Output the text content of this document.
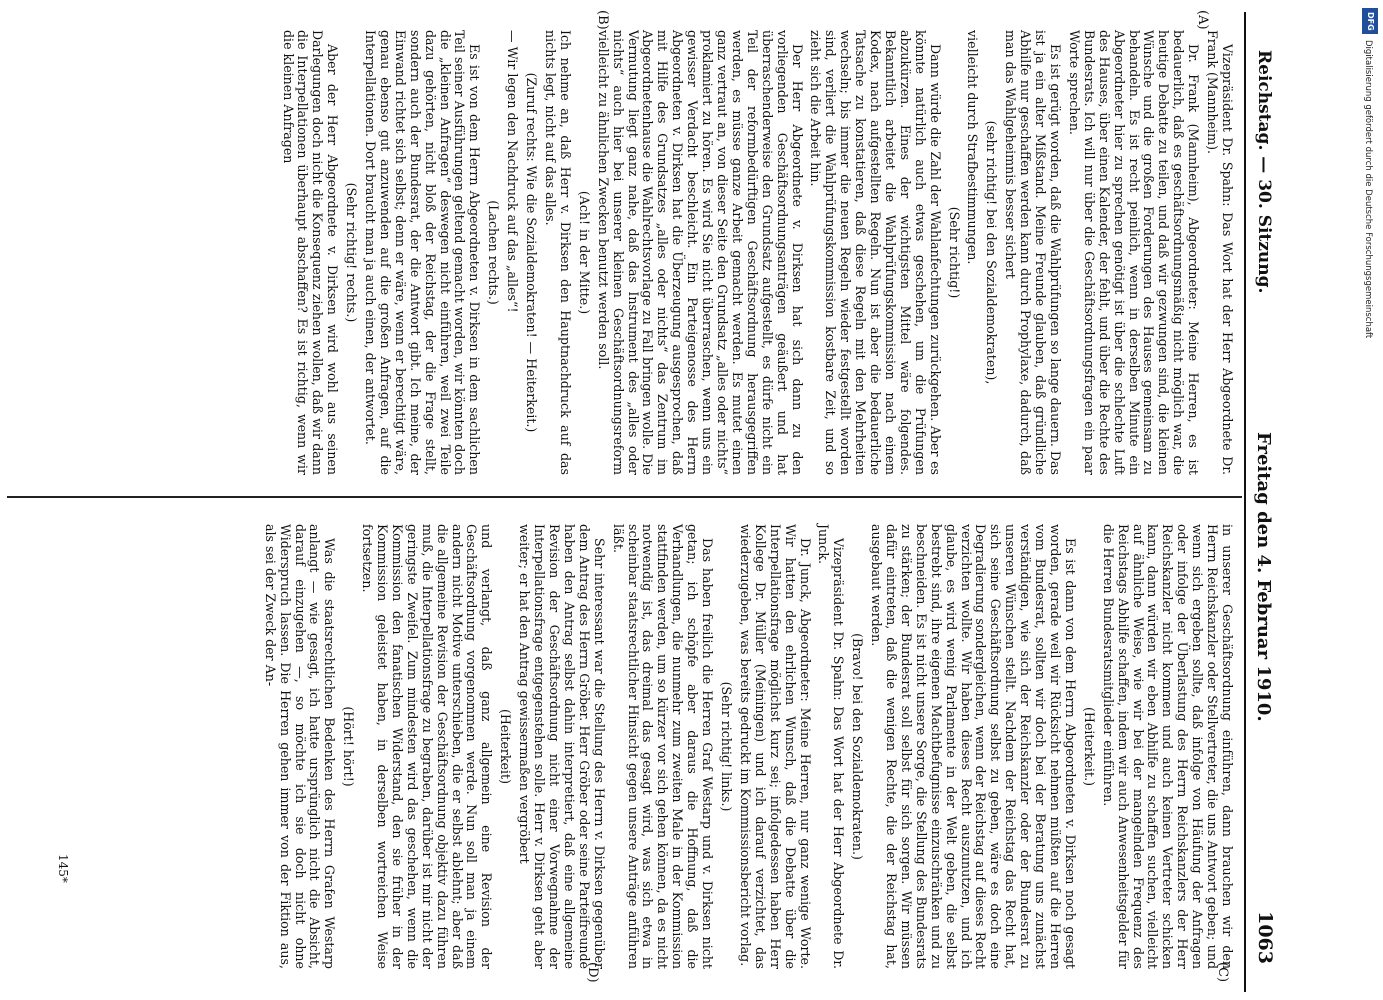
Reichstag. — 30. Sitzung.
Freitag den 4. Februar 1910.
1063
(A)
(B)
(C)
(D)

Vizepräsident Dr. Spahn: Das Wort hat der Herr Abgeordnete Dr. Frank (Mannheim).

Dr. Frank (Mannheim), Abgeordneter: Meine Herren, es ist bedauerlich, daß es geschäftsordnungsmäßig nicht möglich war, die heutige Debatte zu teilen, und daß wir gezwungen sind, die kleinen Wünsche und die großen Forderungen des Hauses gemeinsam zu behandeln. Es ist recht peinlich, wenn in derselben Minute ein Abgeordneter hier zu sprechen genötigt ist über die schlechte Luft des Hauses, über einen Kalender, der fehlt, und über die Rechte des Bundesrats. Ich will nur über die Geschäftsordnungsfragen ein paar Worte sprechen.

Es ist gerügt worden, daß die Wahlprüfungen so lange dauern. Das ist ja ein alter Mißstand. Meine Freunde glauben, daß gründliche Abhilfe nur geschaffen werden kann durch Prophylaxe, dadurch, daß man das Wahlgeheimnis besser sichert

(sehr richtig! bei den Sozialdemokraten),

vielleicht durch Strafbestimmungen.

(Sehr richtig!)

Dann würde die Zahl der Wahlanfechtungen zurückgehen. Aber es könnte natürlich auch etwas geschehen, um die Prüfungen abzukürzen. Eines der wichtigsten Mittel wäre folgendes. Bekanntlich arbeitet die Wahlprüfungskommission nach einem Kodex, nach aufgestellten Regeln. Nun ist aber die bedauerliche Tatsache zu konstatieren, daß diese Regeln mit den Mehrheiten wechseln; bis immer die neuen Regeln wieder festgestellt worden sind, verliert die Wahlprüfungskommission kostbare Zeit, und so zieht sich die Arbeit hin.

Der Herr Abgeordnete v. Dirksen hat sich dann zu den vorliegenden Geschäftsordnungsanträgen geäußert und hat überraschenderweise den Grundsatz aufgestellt, es dürfe nicht ein Teil der reformbedürftigen Geschäftsordnung herausgegriffen werden, es müsse ganze Arbeit gemacht werden. Es mutet einen ganz vertraut an, von dieser Seite den Grundsatz „alles oder nichts“ proklamiert zu hören. Es wird Sie nicht überraschen, wenn uns ein gewisser Verdacht beschleicht. Ein Parteigenosse des Herrn Abgeordneten v. Dirksen hat die Überzeugung ausgesprochen, daß mit Hilfe des Grundsatzes „alles oder nichts“ das Zentrum im Abgeordnetenhause die Wahlrechtsvorlage zu Fall bringen wolle. Die Vermutung liegt ganz nahe, daß das Instrument des „alles oder nichts“ auch hier bei unserer kleinen Geschäftsordnungsreform vielleicht zu ähnlichen Zwecken benutzt werden soll.

(Ach! in der Mitte.)

Ich nehme an, daß Herr v. Dirksen den Hauptnachdruck auf das nichts legt, nicht auf das alles.

(Zuruf rechts: Wie die Sozialdemokraten! — Heiterkeit.)

— Wir legen den Nachdruck auf das „alles“!

(Lachen rechts.)

Es ist von dem Herrn Abgeordneten v. Dirksen in dem sachlichen Teil seiner Ausführungen geltend gemacht worden, wir könnten doch die „kleinen Anfragen“ deswegen nicht einführen, weil zwei Teile dazu gehörten, nicht bloß der Reichstag, der die Frage stellt, sondern auch der Bundesrat, der die Antwort gibt. Ich meine, der Einwand richtet sich selbst; denn er wäre, wenn er berechtigt wäre, genau ebenso gut anzuwenden auf die großen Anfragen, auf die Interpellationen. Dort braucht man ja auch einen, der antwortet.

(Sehr richtig! rechts.)

Aber der Herr Abgeordnete v. Dirksen wird wohl aus seinen Darlegungen doch nicht die Konsequenz ziehen wollen, daß wir dann die Interpellationen überhaupt abschaffen? Es ist richtig, wenn wir die kleinen Anfragen

in unserer Geschäftsordnung einführen, dann brauchen wir den Herrn Reichskanzler oder Stellvertreter, die uns Antwort geben; und wenn sich ergeben sollte, daß infolge von Häufung der Anfragen oder infolge der Überlastung des Herrn Reichskanzlers der Herr Reichskanzler nicht kommen und auch keinen Vertreter schicken kann, dann würden wir eben Abhilfe zu schaffen suchen, vielleicht auf ähnliche Weise, wie wir bei der mangelnden Frequenz des Reichstags Abhilfe schaffen, indem wir auch Anwesenheitsgelder für die Herren Bundesratsmitglieder einführen.

(Heiterkeit.)

Es ist dann von dem Herrn Abgeordneten v. Dirksen noch gesagt worden, gerade weil wir Rücksicht nehmen müßten auf die Herren vom Bundesrat, sollten wir doch bei der Beratung uns zunächst verständigen, wie sich der Reichskanzler oder der Bundesrat zu unseren Wünschen stellt. Nachdem der Reichstag das Recht hat, sich seine Geschäftsordnung selbst zu geben, wäre es doch eine Degradierung sondergleichen, wenn der Reichstag auf dieses Recht verzichten wollte. Wir haben dieses Recht auszunutzen, und ich glaube, es wird wenig Parlamente in der Welt geben, die selbst bestrebt sind, ihre eigenen Machtbefugnisse einzuschränken und zu beschneiden. Es ist nicht unsere Sorge, die Stellung des Bundesrats zu stärken; der Bundesrat soll selbst für sich sorgen. Wir müssen dafür eintreten, daß die wenigen Rechte, die der Reichstag hat, ausgebaut werden.

(Bravo! bei den Sozialdemokraten.)

Vizepräsident Dr. Spahn: Das Wort hat der Herr Abgeordnete Dr. Junck.

Dr. Junck, Abgeordneter: Meine Herren, nur ganz wenige Worte. Wir hatten den ehrlichen Wunsch, daß die Debatte über die Interpellationsfrage möglichst kurz sei; infolgedessen haben Herr Kollege Dr. Müller (Meiningen) und ich darauf verzichtet, das wiederzugeben, was bereits gedruckt im Kommissionsbericht vorlag.

(Sehr richtig! links.)

Das haben freilich die Herren Graf Westarp und v. Dirksen nicht getan; ich schöpfe aber daraus die Hoffnung, daß die Verhandlungen, die nunmehr zum zweiten Male in der Kommission stattfinden werden, um so kürzer vor sich gehen können, da es nicht notwendig ist, das dreimal das gesagt wird, was sich etwa in scheinbar staatsrechtlicher Hinsicht gegen unsere Anträge anführen läßt.

Sehr interessant war die Stellung des Herrn v. Dirksen gegenüber dem Antrag des Herrn Gröber. Herr Gröber oder seine Parteifreunde haben den Antrag selbst dahin interpretiert, daß eine allgemeine Revision der Geschäftsordnung nicht einer Vorwegnahme der Interpellationsfrage entgegenstehen solle. Herr v. Dirksen geht aber weiter; er hat den Antrag gewissermaßen vergröbert

(Heiterkeit)

und verlangt, daß ganz allgemein eine Revision der Geschäftsordnung vorgenommen werde. Nun soll man ja einem andern nicht Motive unterschieben, die er selbst ablehnt; aber daß die allgemeine Revision der Geschäftsordnung objektiv dazu führen muß, die Interpellationsfrage zu begraben, darüber ist mir nicht der geringste Zweifel. Zum mindesten wird das geschehen, wenn die Kommission den fanatischen Widerstand, den sie früher in der Kommission geleistet haben, in derselben wortreichen Weise fortsetzen.

(Hört! hört!)

Was die staatsrechtlichen Bedenken des Herrn Grafen Westarp anlangt — wie gesagt, ich hatte ursprünglich nicht die Absicht, darauf einzugehen —, so möchte ich sie doch nicht ohne Widerspruch lassen. Die Herren gehen immer von der Fiktion aus, als sei der Zweck der An-

145*
DFG
Digitalisierung gefördert durch die Deutsche Forschungsgemeinschaft
